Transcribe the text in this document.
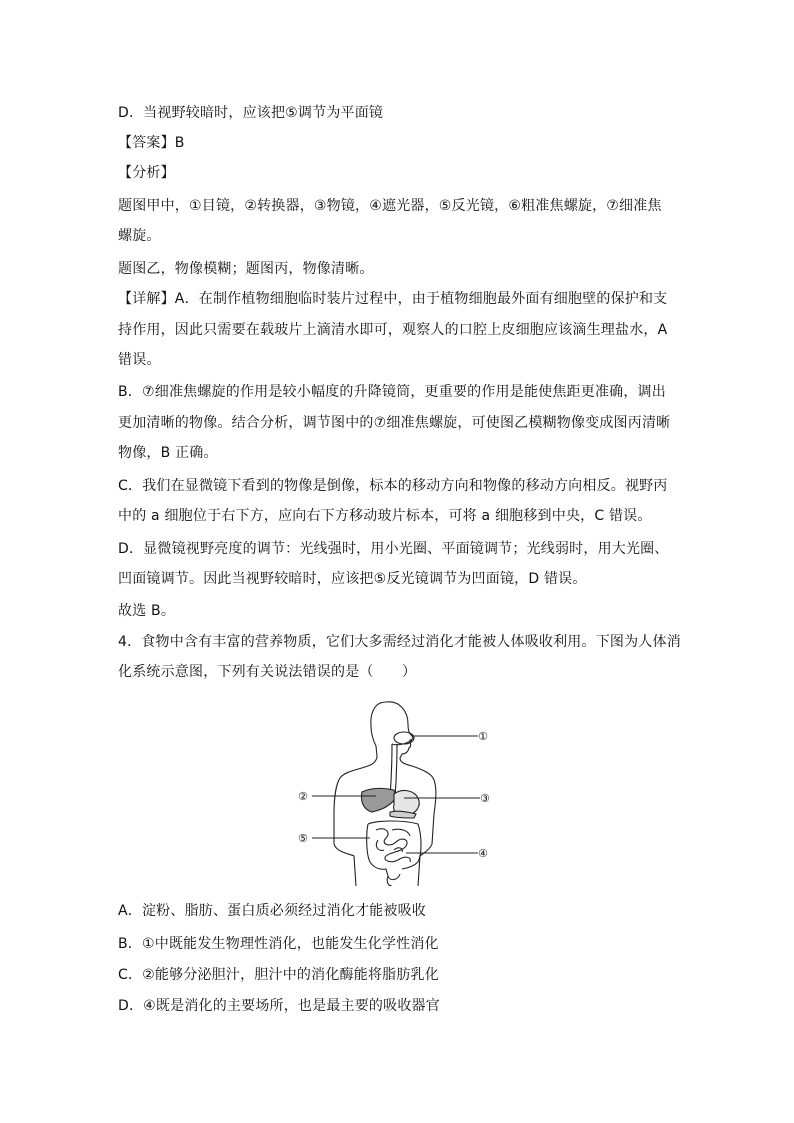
D．当视野较暗时，应该把⑤调节为平面镜
【答案】B
【分析】
题图甲中，①目镜，②转换器，③物镜，④遮光器，⑤反光镜，⑥粗准焦螺旋，⑦细准焦
螺旋。
题图乙，物像模糊；题图丙，物像清晰。
【详解】A．在制作植物细胞临时装片过程中，由于植物细胞最外面有细胞壁的保护和支
持作用，因此只需要在载玻片上滴清水即可，观察人的口腔上皮细胞应该滴生理盐水，A
错误。
B．⑦细准焦螺旋的作用是较小幅度的升降镜筒，更重要的作用是能使焦距更准确，调出
更加清晰的物像。结合分析，调节图中的⑦细准焦螺旋，可使图乙模糊物像变成图丙清晰
物像，B 正确。
C．我们在显微镜下看到的物像是倒像，标本的移动方向和物像的移动方向相反。视野丙
中的 a 细胞位于右下方，应向右下方移动玻片标本，可将 a 细胞移到中央，C 错误。
D．显微镜视野亮度的调节：光线强时，用小光圈、平面镜调节；光线弱时，用大光圈、
凹面镜调节。因此当视野较暗时，应该把⑤反光镜调节为凹面镜，D 错误。
故选 B。
4．食物中含有丰富的营养物质，它们大多需经过消化才能被人体吸收利用。下图为人体消
化系统示意图，下列有关说法错误的是（　　）
①
②	③
④
⑤
A．淀粉、脂肪、蛋白质必须经过消化才能被吸收
B．①中既能发生物理性消化，也能发生化学性消化
C．②能够分泌胆汁，胆汁中的消化酶能将脂肪乳化
D．④既是消化的主要场所，也是最主要的吸收器官
